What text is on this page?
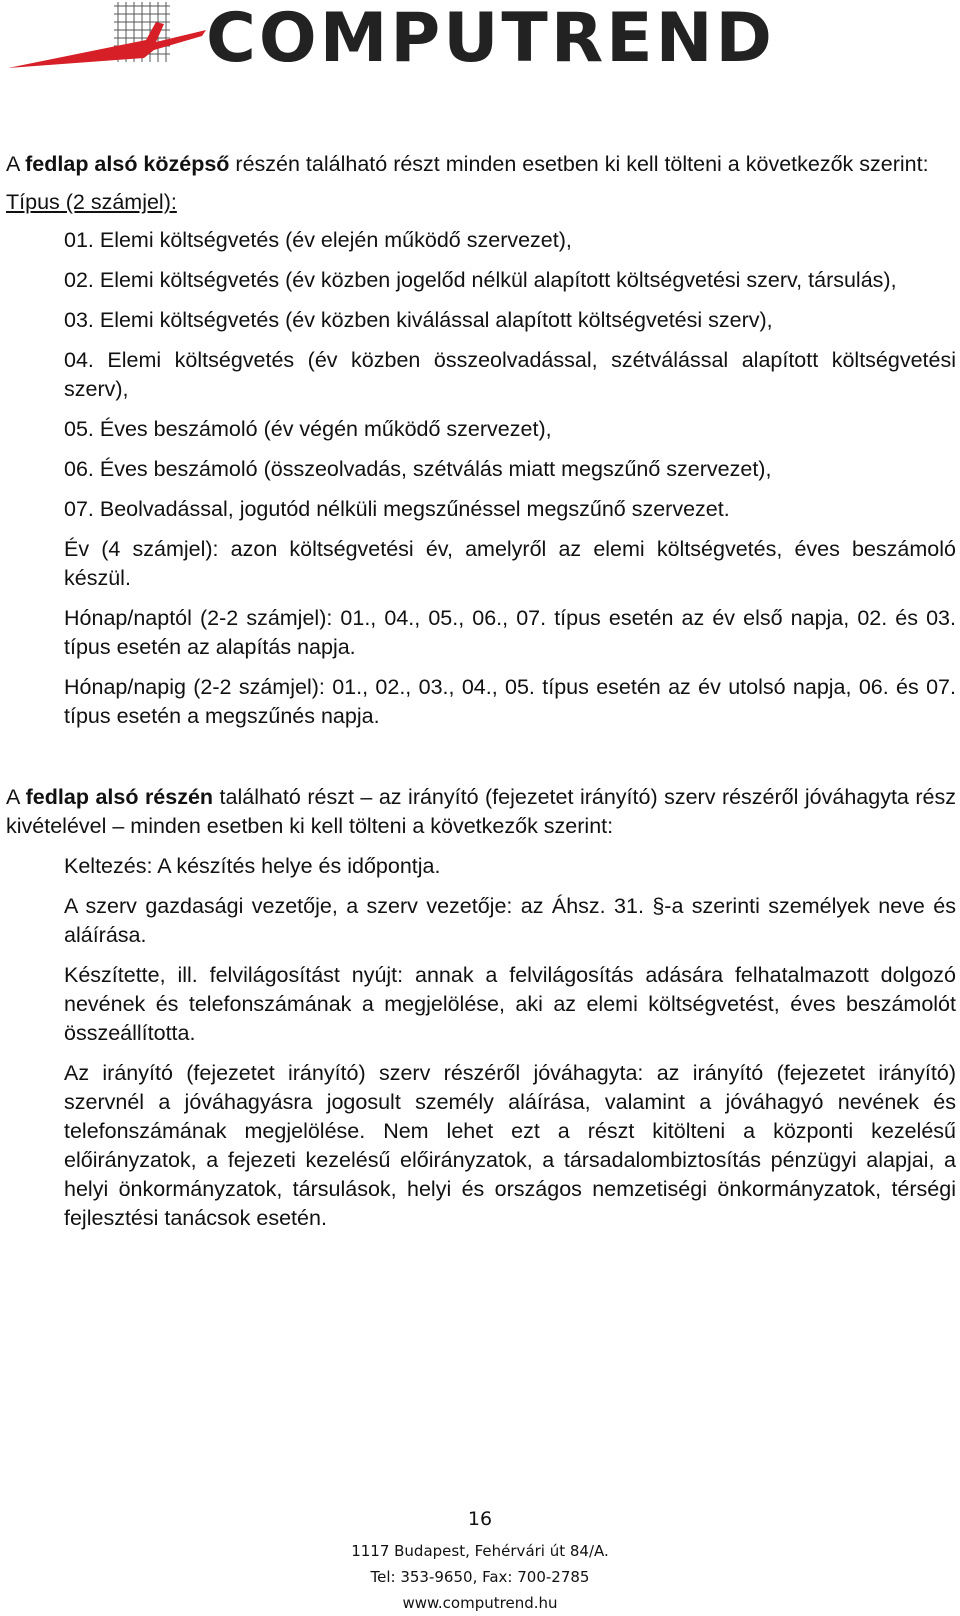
COMPUTREND

A fedlap alsó középső részén található részt minden esetben ki kell tölteni a következők szerint:

Típus (2 számjel):

01. Elemi költségvetés (év elején működő szervezet),

02. Elemi költségvetés (év közben jogelőd nélkül alapított költségvetési szerv, társulás),

03. Elemi költségvetés (év közben kiválással alapított költségvetési szerv),

04. Elemi költségvetés (év közben összeolvadással, szétválással alapított költségvetési szerv),

05. Éves beszámoló (év végén működő szervezet),

06. Éves beszámoló (összeolvadás, szétválás miatt megszűnő szervezet),

07. Beolvadással, jogutód nélküli megszűnéssel megszűnő szervezet.

Év (4 számjel): azon költségvetési év, amelyről az elemi költségvetés, éves beszámoló készül.

Hónap/naptól (2-2 számjel): 01., 04., 05., 06., 07. típus esetén az év első napja, 02. és 03. típus esetén az alapítás napja.

Hónap/napig (2-2 számjel): 01., 02., 03., 04., 05. típus esetén az év utolsó napja, 06. és 07. típus esetén a megszűnés napja.

A fedlap alsó részén található részt – az irányító (fejezetet irányító) szerv részéről jóváhagyta rész kivételével – minden esetben ki kell tölteni a következők szerint:

Keltezés: A készítés helye és időpontja.

A szerv gazdasági vezetője, a szerv vezetője: az Áhsz. 31. §-a szerinti személyek neve és aláírása.

Készítette, ill. felvilágosítást nyújt: annak a felvilágosítás adására felhatalmazott dolgozó nevének és telefonszámának a megjelölése, aki az elemi költségvetést, éves beszámolót összeállította.

Az irányító (fejezetet irányító) szerv részéről jóváhagyta: az irányító (fejezetet irányító) szervnél a jóváhagyásra jogosult személy aláírása, valamint a jóváhagyó nevének és telefonszámának megjelölése. Nem lehet ezt a részt kitölteni a központi kezelésű előirányzatok, a fejezeti kezelésű előirányzatok, a társadalombiztosítás pénzügyi alapjai, a helyi önkormányzatok, társulások, helyi és országos nemzetiségi önkormányzatok, térségi fejlesztési tanácsok esetén.

16
1117 Budapest, Fehérvári út 84/A.
Tel: 353-9650, Fax: 700-2785
www.computrend.hu
